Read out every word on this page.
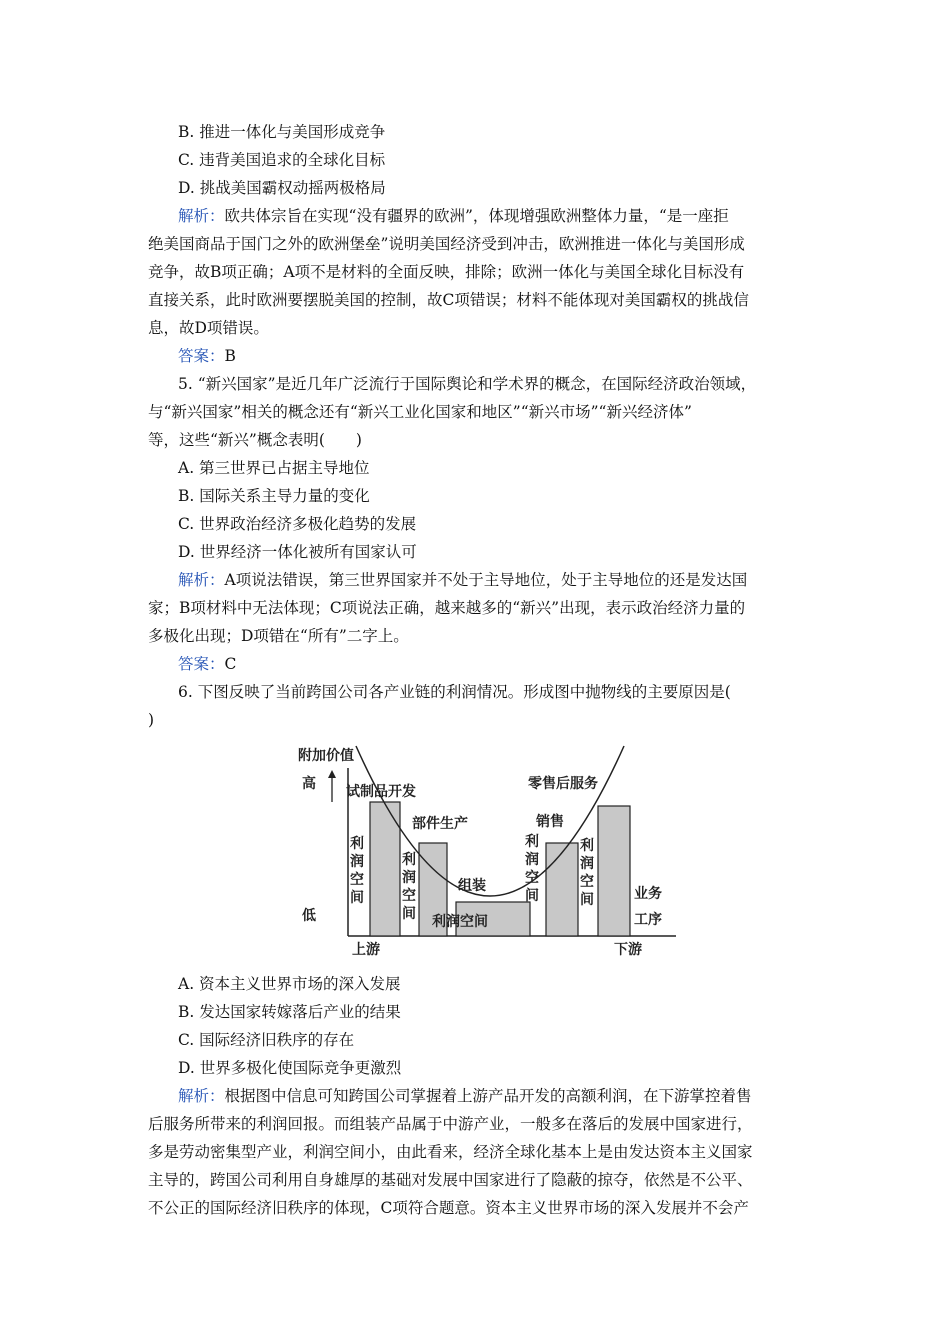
B. 推进一体化与美国形成竞争
C. 违背美国追求的全球化目标
D. 挑战美国霸权动摇两极格局
解析：欧共体宗旨在实现“没有疆界的欧洲”，体现增强欧洲整体力量，“是一座拒
绝美国商品于国门之外的欧洲堡垒”说明美国经济受到冲击，欧洲推进一体化与美国形成
竞争，故B项正确；A项不是材料的全面反映，排除；欧洲一体化与美国全球化目标没有
直接关系，此时欧洲要摆脱美国的控制，故C项错误；材料不能体现对美国霸权的挑战信
息，故D项错误。
答案：B
5. “新兴国家”是近几年广泛流行于国际舆论和学术界的概念，在国际经济政治领域，
与“新兴国家”相关的概念还有“新兴工业化国家和地区”“新兴市场”“新兴经济体”
等，这些“新兴”概念表明(　　)
A. 第三世界已占据主导地位
B. 国际关系主导力量的变化
C. 世界政治经济多极化趋势的发展
D. 世界经济一体化被所有国家认可
解析：A项说法错误，第三世界国家并不处于主导地位，处于主导地位的还是发达国
家；B项材料中无法体现；C项说法正确，越来越多的“新兴”出现，表示政治经济力量的
多极化出现；D项错在“所有”二字上。
答案：C
6. 下图反映了当前跨国公司各产业链的利润情况。形成图中抛物线的主要原因是(
)
附加价值
高
低
上游	下游
业务
工序
试制品开发
部件生产
组装
销售
零售后服务
利润空间
利
润
空
间
利
润
空
间
利
润
空
间
利
润
空
间
A. 资本主义世界市场的深入发展
B. 发达国家转嫁落后产业的结果
C. 国际经济旧秩序的存在
D. 世界多极化使国际竞争更激烈
解析：根据图中信息可知跨国公司掌握着上游产品开发的高额利润，在下游掌控着售
后服务所带来的利润回报。而组装产品属于中游产业，一般多在落后的发展中国家进行，
多是劳动密集型产业，利润空间小，由此看来，经济全球化基本上是由发达资本主义国家
主导的，跨国公司利用自身雄厚的基础对发展中国家进行了隐蔽的掠夺，依然是不公平、
不公正的国际经济旧秩序的体现，C项符合题意。资本主义世界市场的深入发展并不会产
